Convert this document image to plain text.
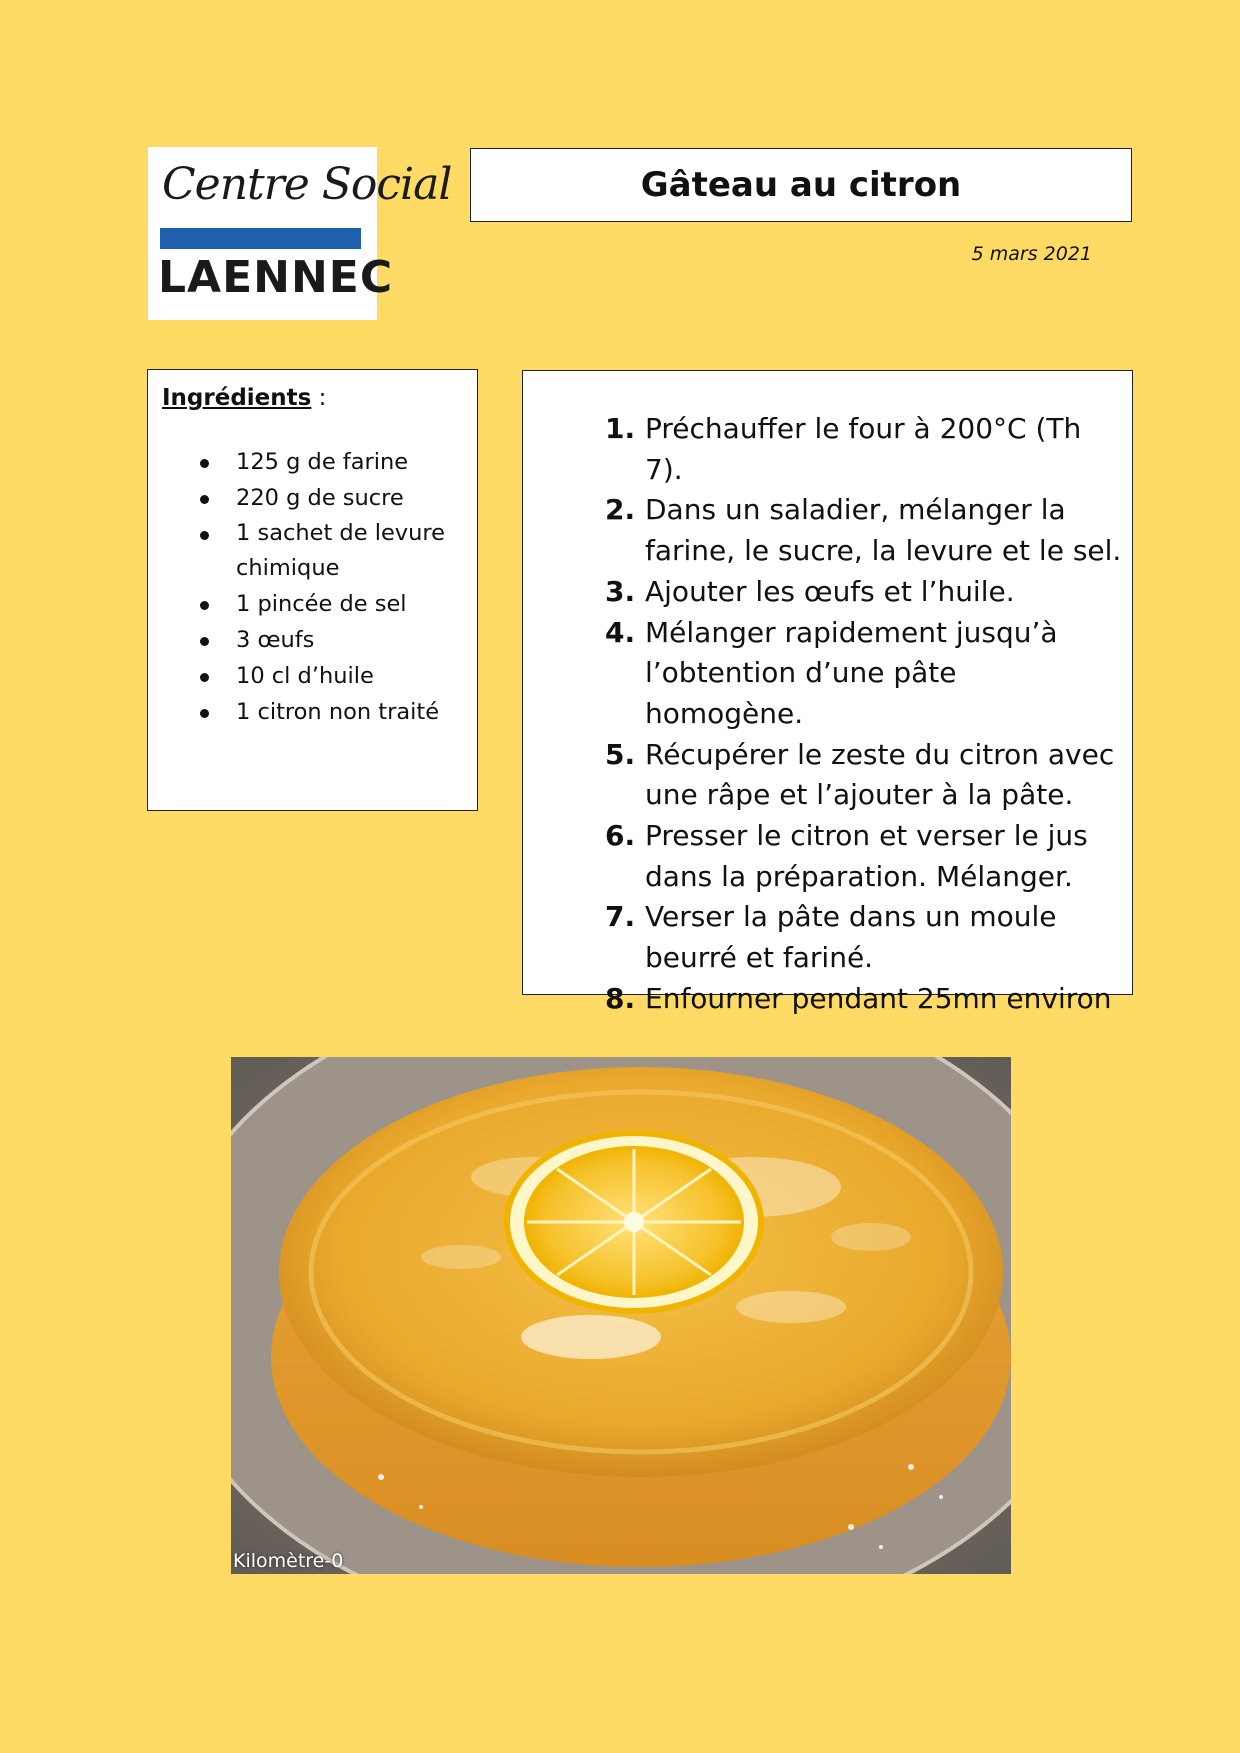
Centre Social
LAENNEC
Gâteau au citron
5 mars 2021

Ingrédients :

125 g de farine
220 g de sucre
1 sachet de levure

chimique
1 pincée de sel
3 œufs
10 cl d’huile
1 citron non traité
1. Préchauffer le four à 200°C (Th 7).
2. Dans un saladier, mélanger la
farine, le sucre, la levure et le sel.
3. Ajouter les œufs et l’huile.
4. Mélanger rapidement jusqu’à
l’obtention d’une pâte homogène.
5. Récupérer le zeste du citron avec
une râpe et l’ajouter à la pâte.
6. Presser le citron et verser le jus
dans la préparation. Mélanger.
7. Verser la pâte dans un moule
beurré et fariné.
8. Enfourner pendant 25mn environ
Kilomètre-0
